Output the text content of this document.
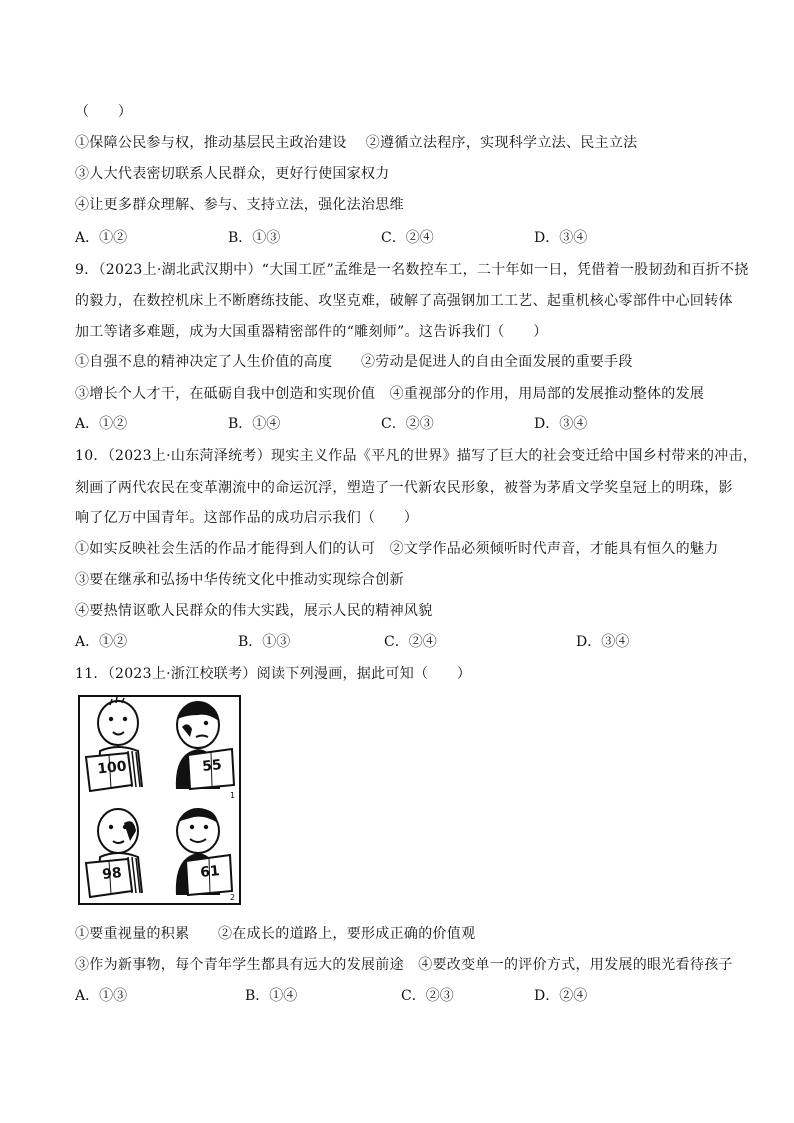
（　　）
①保障公民参与权，推动基层民主政治建设　 ②遵循立法程序，实现科学立法、民主立法
③人大代表密切联系人民群众，更好行使国家权力
④让更多群众理解、参与、支持立法，强化法治思维
A．①②	B．①③	C．②④	D．③④
9．（2023上·湖北武汉期中）“大国工匠”孟维是一名数控车工，二十年如一日，凭借着一股韧劲和百折不挠
的毅力，在数控机床上不断磨练技能、攻坚克难，破解了高强钢加工工艺、起重机核心零部件中心回转体
加工等诸多难题，成为大国重器精密部件的“雕刻师”。这告诉我们（　　）
①自强不息的精神决定了人生价值的高度　　②劳动是促进人的自由全面发展的重要手段
③增长个人才干，在砥砺自我中创造和实现价值　④重视部分的作用，用局部的发展推动整体的发展
A．①②	B．①④	C．②③	D．③④
10．（2023上·山东菏泽统考）现实主义作品《平凡的世界》描写了巨大的社会变迁给中国乡村带来的冲击，
刻画了两代农民在变革潮流中的命运沉浮，塑造了一代新农民形象，被誉为茅盾文学奖皇冠上的明珠，影
响了亿万中国青年。这部作品的成功启示我们（　　）
①如实反映社会生活的作品才能得到人们的认可　②文学作品必须倾听时代声音，才能具有恒久的魅力
③要在继承和弘扬中华传统文化中推动实现综合创新
④要热情讴歌人民群众的伟大实践，展示人民的精神风貌
A．①②	B．①③	C．②④	D．③④
11．（2023上·浙江校联考）阅读下列漫画，据此可知（　　）
100	55
1
98	61
2
①要重视量的积累　　②在成长的道路上，要形成正确的价值观
③作为新事物，每个青年学生都具有远大的发展前途　④要改变单一的评价方式，用发展的眼光看待孩子
A．①③	B．①④	C．②③	D．②④
